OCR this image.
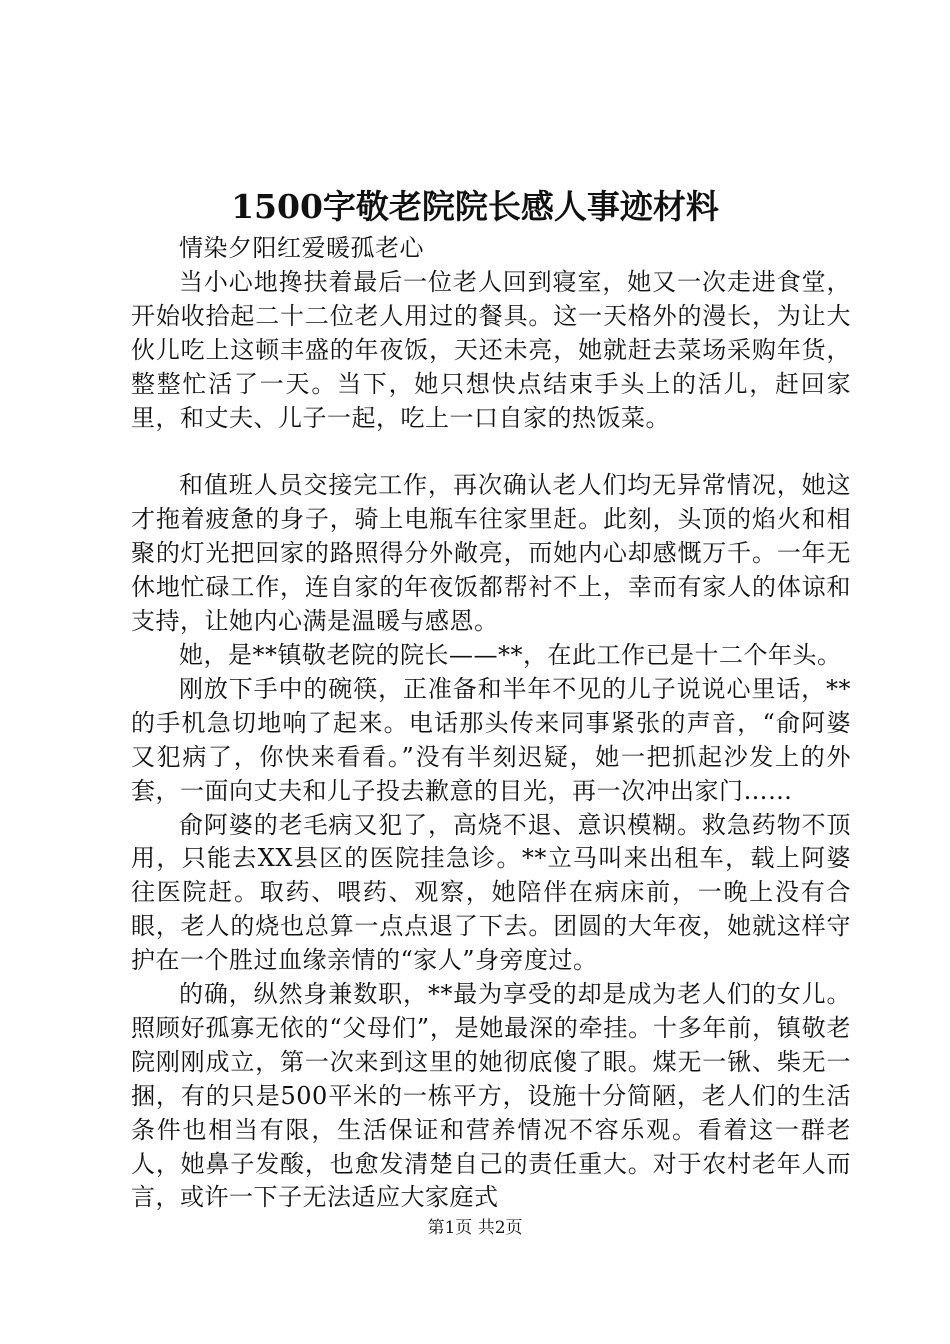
1500字敬老院院长感人事迹材料

情染夕阳红爱暖孤老心

当小心地搀扶着最后一位老人回到寝室，她又一次走进食堂，开始收拾起二十二位老人用过的餐具。这一天格外的漫长，为让大伙儿吃上这顿丰盛的年夜饭，天还未亮，她就赶去菜场采购年货，整整忙活了一天。当下，她只想快点结束手头上的活儿，赶回家里，和丈夫、儿子一起，吃上一口自家的热饭菜。

和值班人员交接完工作，再次确认老人们均无异常情况，她这才拖着疲惫的身子，骑上电瓶车往家里赶。此刻，头顶的焰火和相聚的灯光把回家的路照得分外敞亮，而她内心却感慨万千。一年无休地忙碌工作，连自家的年夜饭都帮衬不上，幸而有家人的体谅和支持，让她内心满是温暖与感恩。

她，是**镇敬老院的院长——**，在此工作已是十二个年头。

刚放下手中的碗筷，正准备和半年不见的儿子说说心里话，**的手机急切地响了起来。电话那头传来同事紧张的声音，“俞阿婆又犯病了，你快来看看。”没有半刻迟疑，她一把抓起沙发上的外套，一面向丈夫和儿子投去歉意的目光，再一次冲出家门……

俞阿婆的老毛病又犯了，高烧不退、意识模糊。救急药物不顶用，只能去XX县区的医院挂急诊。**立马叫来出租车，载上阿婆往医院赶。取药、喂药、观察，她陪伴在病床前，一晚上没有合眼，老人的烧也总算一点点退了下去。团圆的大年夜，她就这样守护在一个胜过血缘亲情的“家人”身旁度过。

的确，纵然身兼数职，**最为享受的却是成为老人们的女儿。照顾好孤寡无依的“父母们”，是她最深的牵挂。十多年前，镇敬老院刚刚成立，第一次来到这里的她彻底傻了眼。煤无一锹、柴无一捆，有的只是500平米的一栋平方，设施十分简陋，老人们的生活条件也相当有限，生活保证和营养情况不容乐观。看着这一群老人，她鼻子发酸，也愈发清楚自己的责任重大。对于农村老年人而言，或许一下子无法适应大家庭式

第1页 共2页
